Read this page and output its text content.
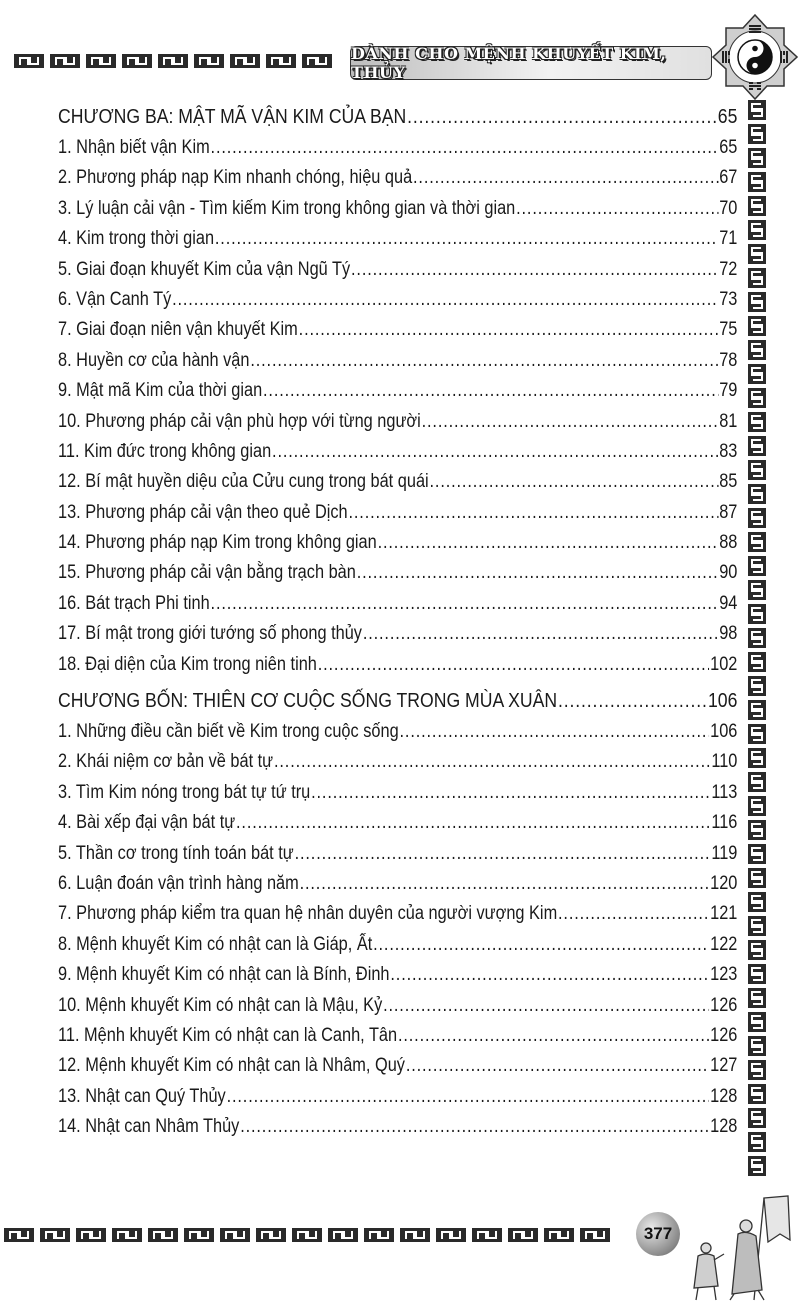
DÀNH CHO MỆNH KHUYẾT KIM, THỦY
CHƯƠNG BA: MẬT MÃ VẬN KIM CỦA BẠN .....	65
1. Nhận biết vận Kim .....	65
2. Phương pháp nạp Kim nhanh chóng, hiệu quả .....	67
3. Lý luận cải vận - Tìm kiếm Kim trong không gian và thời gian .....	70
4. Kim trong thời gian .....	71
5. Giai đoạn khuyết Kim của vận Ngũ Tý .....	72
6. Vận Canh Tý .....	73
7. Giai đoạn niên vận khuyết Kim .....	75
8. Huyền cơ của hành vận .....	78
9. Mật mã Kim của thời gian .....	79
10. Phương pháp cải vận phù hợp với từng người .....	81
11. Kim đức trong không gian .....	83
12. Bí mật huyền diệu của Cửu cung trong bát quái .....	85
13. Phương pháp cải vận theo quẻ Dịch .....	87
14. Phương pháp nạp Kim trong không gian .....	88
15. Phương pháp cải vận bằng trạch bàn .....	90
16. Bát trạch Phi tinh .....	94
17. Bí mật trong giới tướng số phong thủy .....	98
18. Đại diện của Kim trong niên tinh .....	102
CHƯƠNG BỐN: THIÊN CƠ CUỘC SỐNG TRONG MÙA XUÂN .....	106
1. Những điều cần biết về Kim trong cuộc sống .....	106
2. Khái niệm cơ bản về bát tự .....	110
3. Tìm Kim nóng trong bát tự tứ trụ .....	113
4. Bài xếp đại vận bát tự .....	116
5. Thần cơ trong tính toán bát tự .....	119
6. Luận đoán vận trình hàng năm .....	120
7. Phương pháp kiểm tra quan hệ nhân duyên của người vượng Kim .....	121
8. Mệnh khuyết Kim có nhật can là Giáp, Ất .....	122
9. Mệnh khuyết Kim có nhật can là Bính, Đinh .....	123
10. Mệnh khuyết Kim có nhật can là Mậu, Kỷ .....	126
11. Mệnh khuyết Kim có nhật can là Canh, Tân .....	126
12. Mệnh khuyết Kim có nhật can là Nhâm, Quý .....	127
13. Nhật can Quý Thủy .....	128
14. Nhật can Nhâm Thủy .....	128
377
